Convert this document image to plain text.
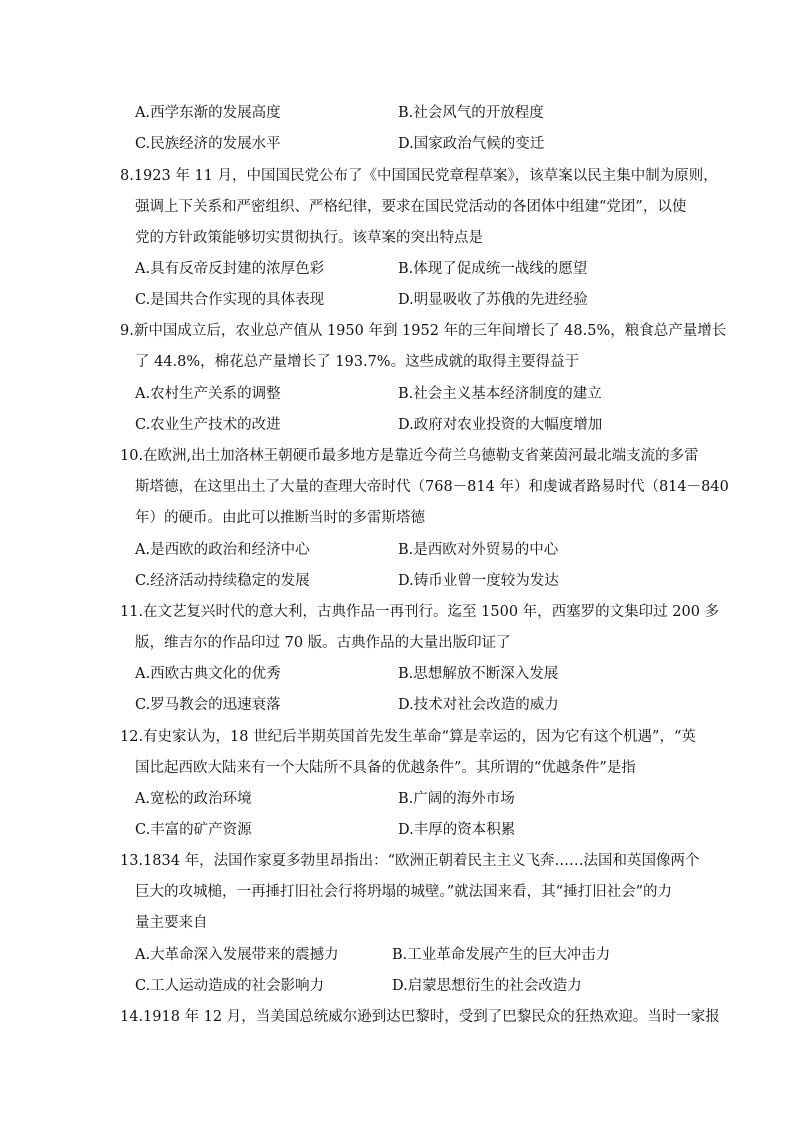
A.西学东渐的发展高度	B.社会风气的开放程度
C.民族经济的发展水平	D.国家政治气候的变迁
8.1923 年 11 月，中国国民党公布了《中国国民党章程草案》，该草案以民主集中制为原则，
强调上下关系和严密组织、严格纪律，要求在国民党活动的各团体中组建“党团”，以使
党的方针政策能够切实贯彻执行。该草案的突出特点是
A.具有反帝反封建的浓厚色彩	B.体现了促成统一战线的愿望
C.是国共合作实现的具体表现	D.明显吸收了苏俄的先进经验
9.新中国成立后，农业总产值从 1950 年到 1952 年的三年间增长了 48.5%，粮食总产量增长
了 44.8%，棉花总产量增长了 193.7%。这些成就的取得主要得益于
A.农村生产关系的调整	B.社会主义基本经济制度的建立
C.农业生产技术的改进	D.政府对农业投资的大幅度增加
10.在欧洲,出土加洛林王朝硬币最多地方是靠近今荷兰乌德勒支省莱茵河最北端支流的多雷
斯塔德，在这里出土了大量的查理大帝时代（768－814 年）和虔诚者路易时代（814－840
年）的硬币。由此可以推断当时的多雷斯塔德
A.是西欧的政治和经济中心	B.是西欧对外贸易的中心
C.经济活动持续稳定的发展	D.铸币业曾一度较为发达
11.在文艺复兴时代的意大利，古典作品一再刊行。迄至 1500 年，西塞罗的文集印过 200 多
版，维吉尔的作品印过 70 版。古典作品的大量出版印证了
A.西欧古典文化的优秀	B.思想解放不断深入发展
C.罗马教会的迅速衰落	D.技术对社会改造的威力
12.有史家认为，18 世纪后半期英国首先发生革命“算是幸运的，因为它有这个机遇”，“英
国比起西欧大陆来有一个大陆所不具备的优越条件”。其所谓的“优越条件”是指
A.宽松的政治环境	B.广阔的海外市场
C.丰富的矿产资源	D.丰厚的资本积累
13.1834 年，法国作家夏多勃里昂指出：“欧洲正朝着民主主义飞奔……法国和英国像两个
巨大的攻城槌，一再捶打旧社会行将坍塌的城壁。”就法国来看，其“捶打旧社会”的力
量主要来自
A.大革命深入发展带来的震撼力	B.工业革命发展产生的巨大冲击力
C.工人运动造成的社会影响力	D.启蒙思想衍生的社会改造力
14.1918 年 12 月，当美国总统威尔逊到达巴黎时，受到了巴黎民众的狂热欢迎。当时一家报
